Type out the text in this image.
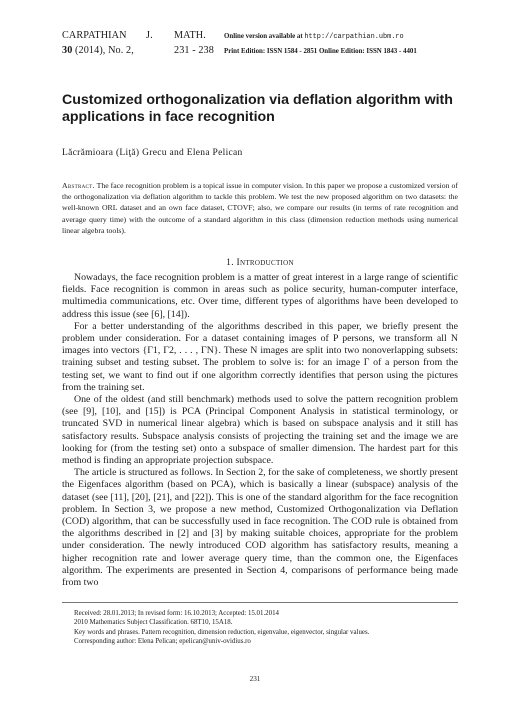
CARPATHIAN J. MATH.	Online version available at http://carpathian.ubm.ro
30 (2014), No. 2,	231 - 238	Print Edition: ISSN 1584 - 2851 Online Edition: ISSN 1843 - 4401
Customized orthogonalization via deflation algorithm with applications in face recognition
Lăcrămioara (Liţă) Grecu and Elena Pelican

Abstract. The face recognition problem is a topical issue in computer vision. In this paper we propose a customized version of the orthogonalization via deflation algorithm to tackle this problem. We test the new proposed algorithm on two datasets: the well-known ORL dataset and an own face dataset, CTOVF; also, we compare our results (in terms of rate recognition and average query time) with the outcome of a standard algorithm in this class (dimension reduction methods using numerical linear algebra tools).

1. Introduction

Nowadays, the face recognition problem is a matter of great interest in a large range of scientific fields. Face recognition is common in areas such as police security, human-computer interface, multimedia communications, etc. Over time, different types of algorithms have been developed to address this issue (see [6], [14]).

For a better understanding of the algorithms described in this paper, we briefly present the problem under consideration. For a dataset containing images of P persons, we transform all N images into vectors {Γ1, Γ2, . . . , ΓN}. These N images are split into two nonoverlapping subsets: training subset and testing subset. The problem to solve is: for an image Γ of a person from the testing set, we want to find out if one algorithm correctly identifies that person using the pictures from the training set.

One of the oldest (and still benchmark) methods used to solve the pattern recognition problem (see [9], [10], and [15]) is PCA (Principal Component Analysis in statistical terminology, or truncated SVD in numerical linear algebra) which is based on subspace analysis and it still has satisfactory results. Subspace analysis consists of projecting the training set and the image we are looking for (from the testing set) onto a subspace of smaller dimension. The hardest part for this method is finding an appropriate projection subspace.

The article is structured as follows. In Section 2, for the sake of completeness, we shortly present the Eigenfaces algorithm (based on PCA), which is basically a linear (subspace) analysis of the dataset (see [11], [20], [21], and [22]). This is one of the standard algorithm for the face recognition problem. In Section 3, we propose a new method, Customized Orthogonalization via Deflation (COD) algorithm, that can be successfully used in face recognition. The COD rule is obtained from the algorithms described in [2] and [3] by making suitable choices, appropriate for the problem under consideration. The newly introduced COD algorithm has satisfactory results, meaning a higher recognition rate and lower average query time, than the common one, the Eigenfaces algorithm. The experiments are presented in Section 4, comparisons of performance being made from two

Received: 28.01.2013; In revised form: 16.10.2013; Accepted: 15.01.2014
2010 Mathematics Subject Classification. 68T10, 15A18.
Key words and phrases. Pattern recognition, dimension reduction, eigenvalue, eigenvector, singular values.
Corresponding author: Elena Pelican; epelican@univ-ovidius.ro
231
